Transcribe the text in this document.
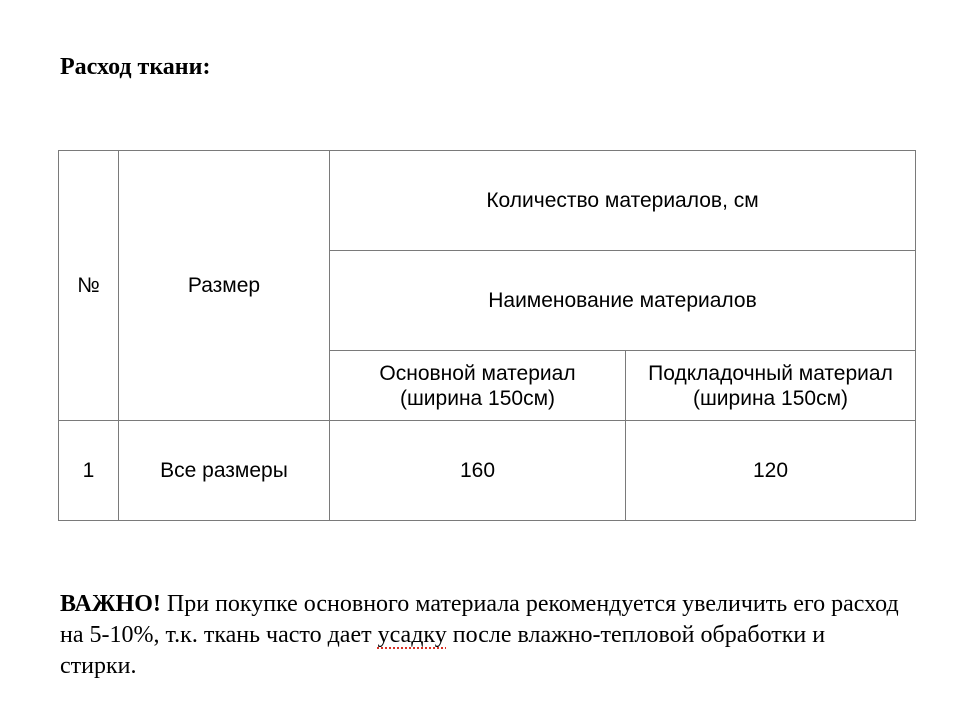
Расход ткани:
№	Размер	Количество материалов, см	
		Наименование материалов	

		Основной материал (ширина 150см)	Подкладочный материал (ширина 150см)

1	Все размеры	160	120
ВАЖНО! При покупке основного материала рекомендуется увеличить его расход на 5-10%, т.к. ткань часто дает усадку после влажно-тепловой обработки и стирки.
